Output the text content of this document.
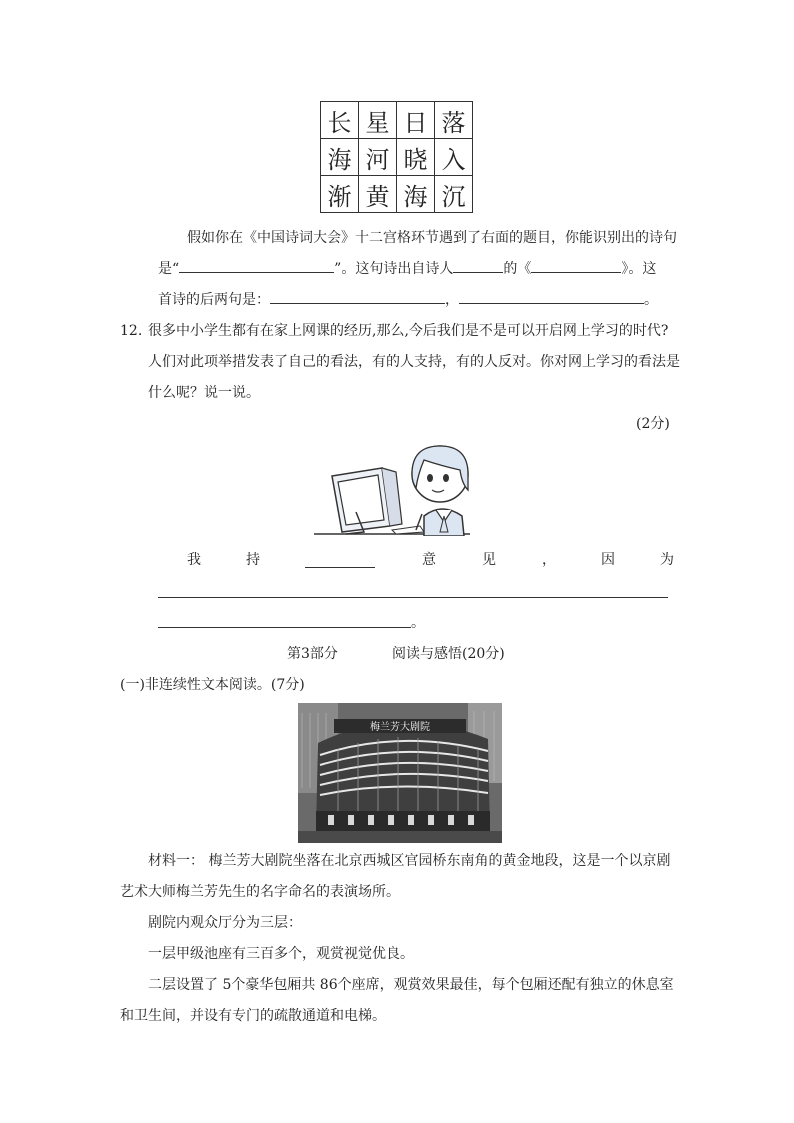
长	星	日	落
海	河	晓	入
渐	黄	海	沉
假如你在《中国诗词大会》十二宫格环节遇到了右面的题目，你能识别出的诗句
是“	”。这句诗出自诗人	的《	》。这
首诗的后两句是：	，	。
12. 很多中小学生都有在家上网课的经历,那么,今后我们是不是可以开启网上学习的时代?
人们对此项举措发表了自己的看法，有的人支持，有的人反对。你对网上学习的看法是
什么呢？说一说。
(2分)
我	持	意	见	，	因	为
。
第3部分	阅读与感悟(20分)
(一)非连续性文本阅读。(7分)
梅兰芳大剧院
材料一： 梅兰芳大剧院坐落在北京西城区官园桥东南角的黄金地段，这是一个以京剧
艺术大师梅兰芳先生的名字命名的表演场所。
剧院内观众厅分为三层：
一层甲级池座有三百多个，观赏视觉优良。
二层设置了 5个豪华包厢共 86个座席，观赏效果最佳，每个包厢还配有独立的休息室
和卫生间，并设有专门的疏散通道和电梯。
